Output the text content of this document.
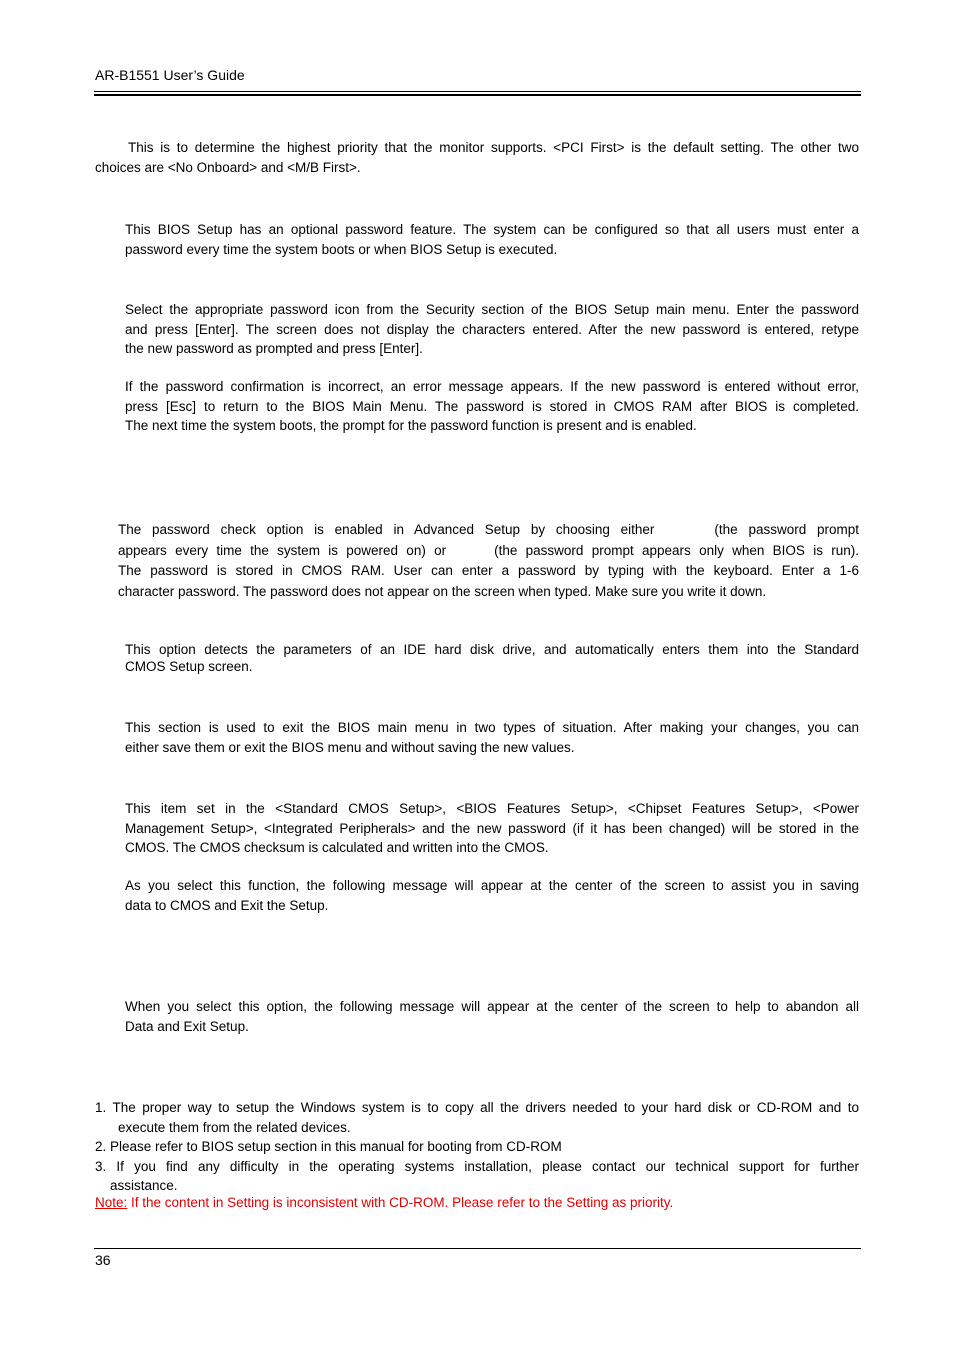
AR-B1551 User’s Guide
This is to determine the highest priority that the monitor supports. <PCI First> is the default setting. The other two
choices are <No Onboard> and <M/B First>.
This BIOS Setup has an optional password feature. The system can be configured so that all users must enter a
password every time the system boots or when BIOS Setup is executed.
Select the appropriate password icon from the Security section of the BIOS Setup main menu. Enter the password
and press [Enter]. The screen does not display the characters entered. After the new password is entered, retype
the new password as prompted and press [Enter].
If the password confirmation is incorrect, an error message appears. If the new password is entered without error,
press [Esc] to return to the BIOS Main Menu. The password is stored in CMOS RAM after BIOS is completed.
The next time the system boots, the prompt for the password function is present and is enabled.
The password check option is enabled in Advanced Setup by choosing either	(the password prompt
appears every time the system is powered on) or	(the password prompt appears only when BIOS is run).
The password is stored in CMOS RAM. User can enter a password by typing with the keyboard. Enter a 1-6
character password. The password does not appear on the screen when typed. Make sure you write it down.
This option detects the parameters of an IDE hard disk drive, and automatically enters them into the Standard
CMOS Setup screen.
This section is used to exit the BIOS main menu in two types of situation. After making your changes, you can
either save them or exit the BIOS menu and without saving the new values.
This item set in the <Standard CMOS Setup>, <BIOS Features Setup>, <Chipset Features Setup>, <Power
Management Setup>, <Integrated Peripherals> and the new password (if it has been changed) will be stored in the
CMOS. The CMOS checksum is calculated and written into the CMOS.
As you select this function, the following message will appear at the center of the screen to assist you in saving
data to CMOS and Exit the Setup.
When you select this option, the following message will appear at the center of the screen to help to abandon all
Data and Exit Setup.
1. The proper way to setup the Windows system is to copy all the drivers needed to your hard disk or CD-ROM and to
execute them from the related devices.
2. Please refer to BIOS setup section in this manual for booting from CD-ROM
3. If you find any difficulty in the operating systems installation, please contact our technical support for further
assistance.
Note: If the content in Setting is inconsistent with CD-ROM. Please refer to the Setting as priority.
36
